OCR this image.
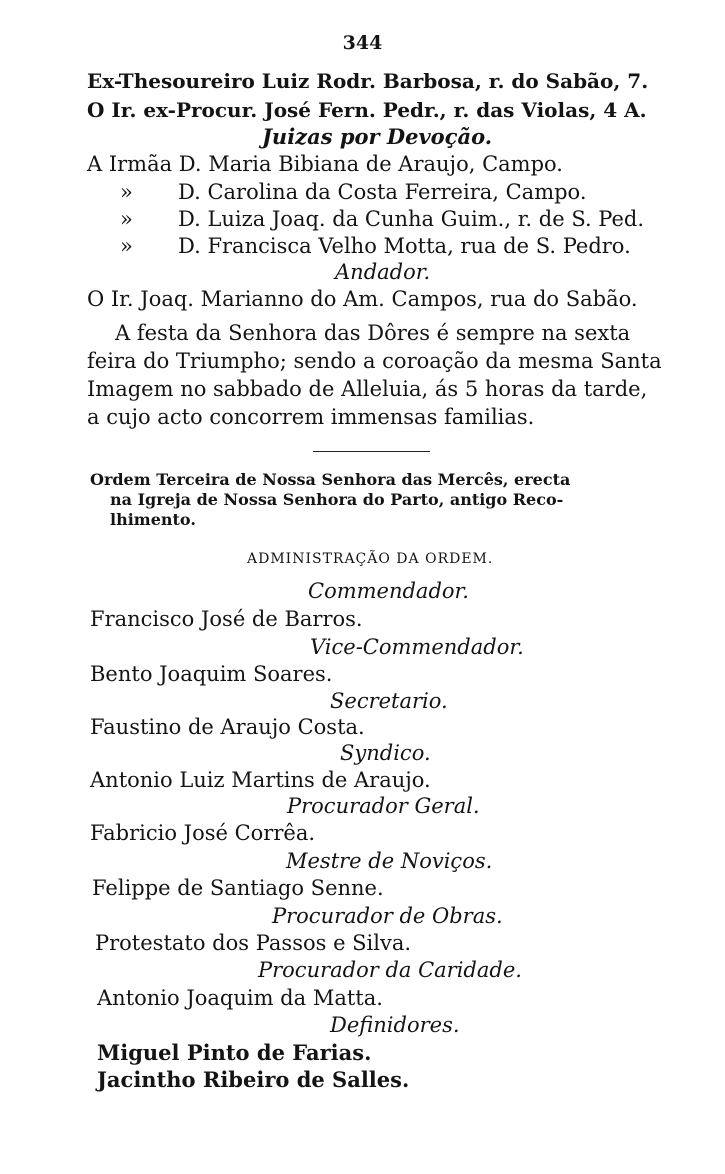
344
Ex-Thesoureiro Luiz Rodr. Barbosa, r. do Sabão, 7.
O Ir. ex-Procur. José Fern. Pedr., r. das Violas, 4 A.
Juizas por Devoção.
A Irmãa D. Maria Bibiana de Araujo, Campo.
» D. Carolina da Costa Ferreira, Campo.
» D. Luiza Joaq. da Cunha Guim., r. de S. Ped.
» D. Francisca Velho Motta, rua de S. Pedro.
Andador.
O Ir. Joaq. Marianno do Am. Campos, rua do Sabão.
A festa da Senhora das Dôres é sempre na sexta
feira do Triumpho; sendo a coroação da mesma Santa
Imagem no sabbado de Alleluia, ás 5 horas da tarde,
a cujo acto concorrem immensas familias.
Ordem Terceira de Nossa Senhora das Mercês, erecta
na Igreja de Nossa Senhora do Parto, antigo Reco-
lhimento.
ADMINISTRAÇÃO DA ORDEM.
Commendador.
Francisco José de Barros.
Vice-Commendador.
Bento Joaquim Soares.
Secretario.
Faustino de Araujo Costa.
Syndico.
Antonio Luiz Martins de Araujo.
Procurador Geral.
Fabricio José Corrêa.
Mestre de Noviços.
Felippe de Santiago Senne.
Procurador de Obras.
Protestato dos Passos e Silva.
Procurador da Caridade.
Antonio Joaquim da Matta.
Definidores.
Miguel Pinto de Farias.
Jacintho Ribeiro de Salles.
